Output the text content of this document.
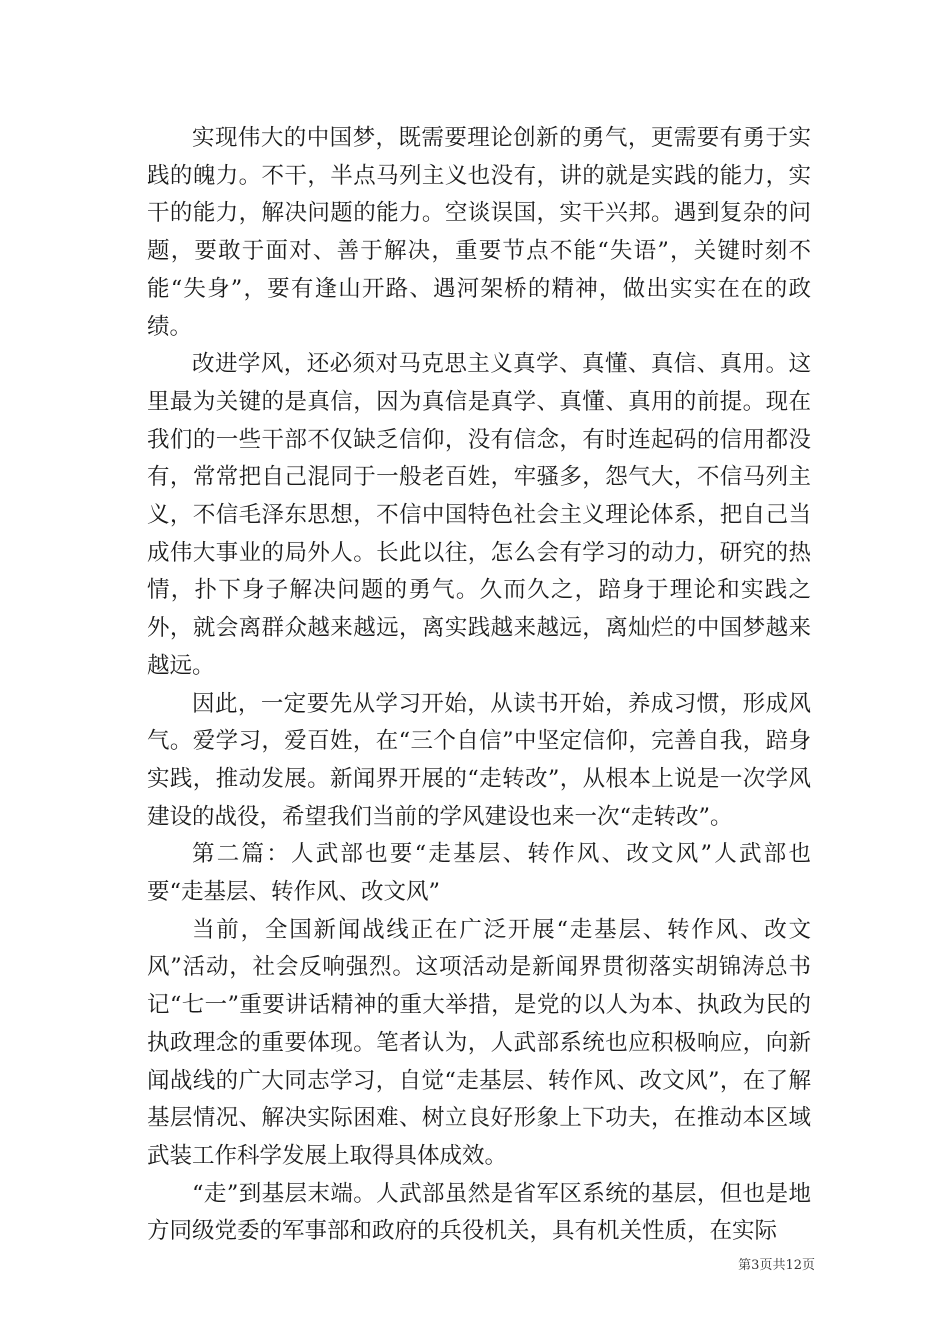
实现伟大的中国梦，既需要理论创新的勇气，更需要有勇于实践的魄力。不干，半点马列主义也没有，讲的就是实践的能力，实干的能力，解决问题的能力。空谈误国，实干兴邦。遇到复杂的问题，要敢于面对、善于解决，重要节点不能“失语”，关键时刻不能“失身”，要有逢山开路、遇河架桥的精神，做出实实在在的政绩。

改进学风，还必须对马克思主义真学、真懂、真信、真用。这里最为关键的是真信，因为真信是真学、真懂、真用的前提。现在我们的一些干部不仅缺乏信仰，没有信念，有时连起码的信用都没有，常常把自己混同于一般老百姓，牢骚多，怨气大，不信马列主义，不信毛泽东思想，不信中国特色社会主义理论体系，把自己当成伟大事业的局外人。长此以往，怎么会有学习的动力，研究的热情，扑下身子解决问题的勇气。久而久之，踣身于理论和实践之外，就会离群众越来越远，离实践越来越远，离灿烂的中国梦越来越远。

因此，一定要先从学习开始，从读书开始，养成习惯，形成风气。爱学习，爱百姓，在“三个自信”中坚定信仰，完善自我，踣身实践，推动发展。新闻界开展的“走转改”，从根本上说是一次学风建设的战役，希望我们当前的学风建设也来一次“走转改”。

第二篇：人武部也要“走基层、转作风、改文风”人武部也要“走基层、转作风、改文风”

当前，全国新闻战线正在广泛开展“走基层、转作风、改文风”活动，社会反响强烈。这项活动是新闻界贯彻落实胡锦涛总书记“七一”重要讲话精神的重大举措，是党的以人为本、执政为民的执政理念的重要体现。笔者认为，人武部系统也应积极响应，向新闻战线的广大同志学习，自觉“走基层、转作风、改文风”，在了解基层情况、解决实际困难、树立良好形象上下功夫，在推动本区域武装工作科学发展上取得具体成效。

“走”到基层末端。人武部虽然是省军区系统的基层，但也是地方同级党委的军事部和政府的兵役机关，具有机关性质，在实际

第3页共12页
